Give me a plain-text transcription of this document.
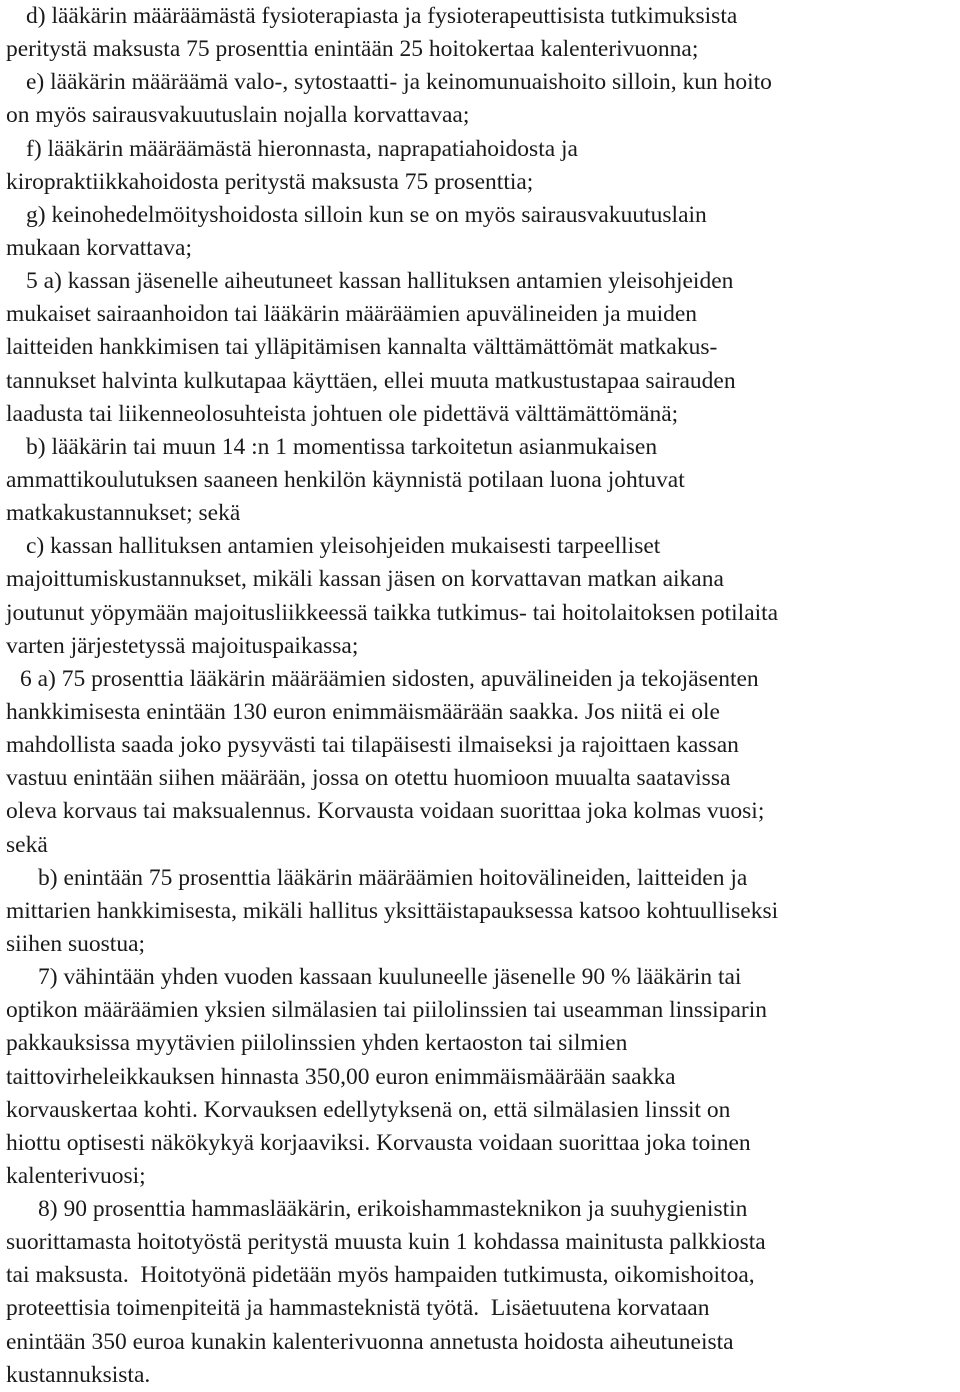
d) lääkärin määräämästä fysioterapiasta ja fysioterapeuttisista tutkimuksista
peritystä maksusta 75 prosenttia enintään 25 hoitokertaa kalenterivuonna;
e) lääkärin määräämä valo-, sytostaatti- ja keinomunuaishoito silloin, kun hoito
on myös sairausvakuutuslain nojalla korvattavaa;
f) lääkärin määräämästä hieronnasta, naprapatiahoidosta ja
kiropraktiikkahoidosta peritystä maksusta 75 prosenttia;
g) keinohedelmöityshoidosta silloin kun se on myös sairausvakuutuslain
mukaan korvattava;
5 a) kassan jäsenelle aiheutuneet kassan hallituksen antamien yleisohjeiden
mukaiset sairaanhoidon tai lääkärin määräämien apuvälineiden ja muiden
laitteiden hankkimisen tai ylläpitämisen kannalta välttämättömät matkakus-
tannukset halvinta kulkutapaa käyttäen, ellei muuta matkustustapaa sairauden
laadusta tai liikenneolosuhteista johtuen ole pidettävä välttämättömänä;
b) lääkärin tai muun 14 :n 1 momentissa tarkoitetun asianmukaisen
ammattikoulutuksen saaneen henkilön käynnistä potilaan luona johtuvat
matkakustannukset; sekä
c) kassan hallituksen antamien yleisohjeiden mukaisesti tarpeelliset
majoittumiskustannukset, mikäli kassan jäsen on korvattavan matkan aikana
joutunut yöpymään majoitusliikkeessä taikka tutkimus- tai hoitolaitoksen potilaita
varten järjestetyssä majoituspaikassa;
6 a) 75 prosenttia lääkärin määräämien sidosten, apuvälineiden ja tekojäsenten
hankkimisesta enintään 130 euron enimmäismäärään saakka. Jos niitä ei ole
mahdollista saada joko pysyvästi tai tilapäisesti ilmaiseksi ja rajoittaen kassan
vastuu enintään siihen määrään, jossa on otettu huomioon muualta saatavissa
oleva korvaus tai maksualennus. Korvausta voidaan suorittaa joka kolmas vuosi;
sekä
b) enintään 75 prosenttia lääkärin määräämien hoitovälineiden, laitteiden ja
mittarien hankkimisesta, mikäli hallitus yksittäistapauksessa katsoo kohtuulliseksi
siihen suostua;
7) vähintään yhden vuoden kassaan kuuluneelle jäsenelle 90 % lääkärin tai
optikon määräämien yksien silmälasien tai piilolinssien tai useamman linssiparin
pakkauksissa myytävien piilolinssien yhden kertaoston tai silmien
taittovirheleikkauksen hinnasta 350,00 euron enimmäismäärään saakka
korvauskertaa kohti. Korvauksen edellytyksenä on, että silmälasien linssit on
hiottu optisesti näkökykyä korjaaviksi. Korvausta voidaan suorittaa joka toinen
kalenterivuosi;
8) 90 prosenttia hammaslääkärin, erikoishammasteknikon ja suuhygienistin
suorittamasta hoitotyöstä peritystä muusta kuin 1 kohdassa mainitusta palkkiosta
tai maksusta.  Hoitotyönä pidetään myös hampaiden tutkimusta, oikomishoitoa,
proteettisia toimenpiteitä ja hammasteknistä työtä.  Lisäetuutena korvataan
enintään 350 euroa kunakin kalenterivuonna annetusta hoidosta aiheutuneista
kustannuksista.
